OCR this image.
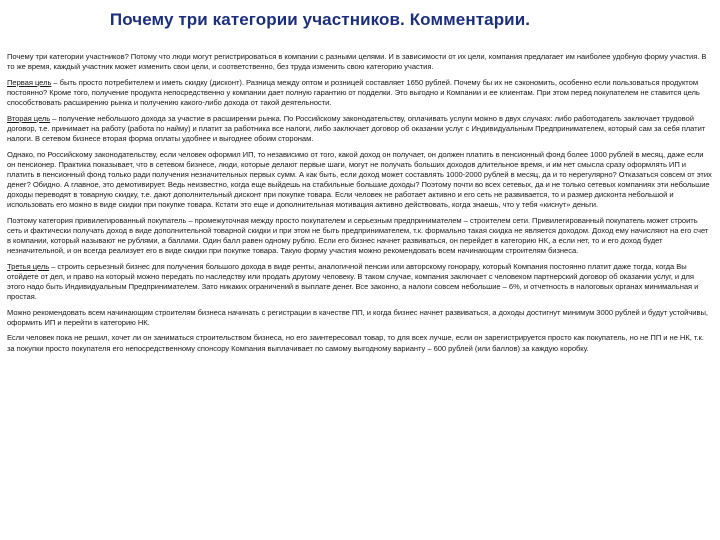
Почему три категории участников. Комментарии.

Почему три категории участников? Потому что люди могут регистрироваться в компании с разными целями. И в зависимости от их цели, компания предлагает им наиболее удобную форму участия. В то же время, каждый участник может изменить свои цели, и соответственно, без труда изменить свою категорию участия.

Первая цель – быть просто потребителем и иметь скидку (дисконт). Разница между оптом и розницей составляет 1650 рублей. Почему бы их не сэкономить, особенно если пользоваться продуктом постоянно? Кроме того, получение продукта непосредственно у компании дает полную гарантию от подделки. Это выгодно и Компании и ее клиентам. При этом перед покупателем не ставится цель способствовать расширению рынка и получению какого-либо дохода от такой деятельности.

Вторая цель – получение небольшого дохода за участие в расширении рынка. По Российскому законодательству, оплачивать услуги можно в двух случаях: либо работодатель заключает трудовой договор, т.е. принимает на работу (работа по найму) и платит за работника все налоги, либо заключает договор об оказании услуг с Индивидуальным Предпринимателем, который сам за себя платит налоги. В сетевом бизнесе вторая форма оплаты удобнее и выгоднее обоим сторонам.

Однако, по Российскому законодательству, если человек оформил ИП, то независимо от того, какой доход он получает, он должен платить в пенсионный фонд более 1000 рублей в месяц, даже если он пенсионер. Практика показывает, что в сетевом бизнесе, люди, которые делают первые шаги, могут не получать больших доходов длительное время, и им нет смысла сразу оформлять ИП и платить в пенсионный фонд только ради получения незначительных первых сумм. А как быть, если доход может составлять 1000-2000 рублей в месяц, да и то нерегулярно? Отказаться совсем от этих денег? Обидно. А главное, это демотивирует. Ведь неизвестно, когда еще выйдешь на стабильные большие доходы? Поэтому почти во всех сетевых, да и не только сетевых компаниях эти небольшие доходы переводят в товарную скидку, т.е. дают дополнительный дисконт при покупке товара. Если человек не работает активно и его сеть не развивается, то и размер дисконта небольшой и использовать его можно в виде скидки при покупке товара. Кстати это еще и дополнительная мотивация активно действовать, когда знаешь, что у тебя «киснут» деньги.

Поэтому категория привилегированный покупатель – промежуточная между просто покупателем и серьезным предпринимателем – строителем сети. Привилегированный покупатель может строить сеть и фактически получать доход в виде дополнительной товарной скидки и при этом не быть предпринимателем, т.к. формально такая скидка не является доходом. Доход ему начисляют на его счет в компании, который называют не рублями, а баллами. Один балл равен одному рублю. Если его бизнес начнет развиваться, он перейдет в категорию НК, а если нет, то и его доход будет незначительной, и он всегда реализует его в виде скидки при покупке товара. Такую форму участия можно рекомендовать всем начинающим строителям бизнеса.

Третья цель – строить серьезный бизнес для получения большого дохода в виде ренты, аналогичной пенсии или авторскому гонорару, который Компания постоянно платит даже тогда, когда Вы отойдете от дел, и право на который можно передать по наследству или продать другому человеку. В таком случае, компания заключает с человеком партнерский договор об оказании услуг, и для этого надо быть Индивидуальным Предпринимателем. Зато никаких ограничений в выплате денег. Все законно, а налоги совсем небольшие – 6%, и отчетность в налоговых органах минимальная и простая.

Можно рекомендовать всем начинающим строителям бизнеса начинать с регистрации в качестве ПП, и когда бизнес начнет развиваться, а доходы достигнут минимум 3000 рублей и будут устойчивы, оформить ИП и перейти в категорию НК.

Если человек пока не решил, хочет ли он заниматься строительством бизнеса, но его заинтересовал товар, то для всех лучше, если он зарегистрируется просто как покупатель, но не ПП и не НК, т.к. за покупки просто покупателя его непосредственному спонсору Компания выплачивает по самому выгодному варианту – 600 рублей (или баллов) за каждую коробку.
